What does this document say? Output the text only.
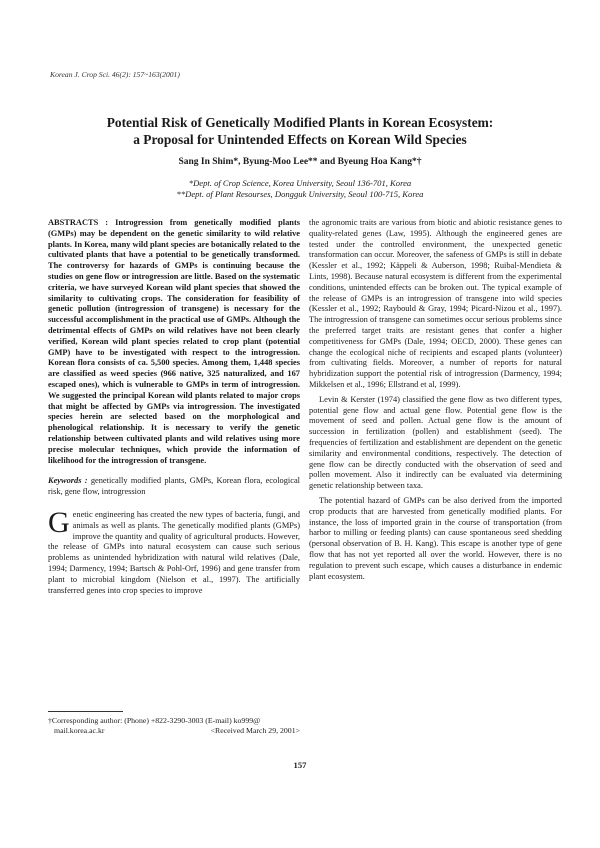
Korean J. Crop Sci. 46(2): 157~163(2001)
Potential Risk of Genetically Modified Plants in Korean Ecosystem:
a Proposal for Unintended Effects on Korean Wild Species
Sang In Shim*, Byung-Moo Lee** and Byeung Hoa Kang*†
*Dept. of Crop Science, Korea University, Seoul 136-701, Korea
**Dept. of Plant Resourses, Dongguk University, Seoul 100-715, Korea

ABSTRACTS : Introgression from genetically modified plants (GMPs) may be dependent on the genetic similarity to wild relative plants. In Korea, many wild plant species are botanically related to the cultivated plants that have a potential to be genetically transformed. The controversy for hazards of GMPs is continuing because the studies on gene flow or introgression are little. Based on the systematic criteria, we have surveyed Korean wild plant species that showed the similarity to cultivating crops. The consideration for feasibility of genetic pollution (introgression of transgene) is necessary for the successful accomplishment in the practical use of GMPs. Although the detrimental effects of GMPs on wild relatives have not been clearly verified, Korean wild plant species related to crop plant (potential GMP) have to be investigated with respect to the introgression. Korean flora consists of ca. 5,500 species. Among them, 1,448 species are classified as weed species (966 native, 325 naturalized, and 167 escaped ones), which is vulnerable to GMPs in term of introgression. We suggested the principal Korean wild plants related to major crops that might be affected by GMPs via introgression. The investigated species herein are selected based on the morphological and phenological relationship. It is necessary to verify the genetic relationship between cultivated plants and wild relatives using more precise molecular techniques, which provide the information of likelihood for the introgression of transgene.

Keywords : genetically modified plants, GMPs, Korean flora, ecological risk, gene flow, introgression

Genetic engineering has created the new types of bacteria, fungi, and animals as well as plants. The genetically modified plants (GMPs) improve the quantity and quality of agricultural products. However, the release of GMPs into natural ecosystem can cause such serious problems as unintended hybridization with natural wild relatives (Dale, 1994; Darmency, 1994; Bartsch & Pohl-Orf, 1996) and gene transfer from plant to microbial kingdom (Nielson et al., 1997). The artificially transferred genes into crop species to improve

the agronomic traits are various from biotic and abiotic resistance genes to quality-related genes (Law, 1995). Although the engineered genes are tested under the controlled environment, the unexpected genetic transformation can occur. Moreover, the safeness of GMPs is still in debate (Kessler et al., 1992; Käppeli & Auberson, 1998; Ruibal-Mendieta & Lints, 1998). Because natural ecosystem is different from the experimental conditions, unintended effects can be broken out. The typical example of the release of GMPs is an introgression of transgene into wild species (Kessler et al., 1992; Raybould & Gray, 1994; Picard-Nizou et al., 1997). The introgression of transgene can sometimes occur serious problems since the preferred target traits are resistant genes that confer a higher competitiveness for GMPs (Dale, 1994; OECD, 2000). These genes can change the ecological niche of recipients and escaped plants (volunteer) from cultivating fields. Moreover, a number of reports for natural hybridization support the potential risk of introgression (Darmency, 1994; Mikkelsen et al., 1996; Ellstrand et al, 1999).

Levin & Kerster (1974) classified the gene flow as two different types, potential gene flow and actual gene flow. Potential gene flow is the movement of seed and pollen. Actual gene flow is the amount of succession in fertilization (pollen) and establishment (seed). The frequencies of fertilization and establishment are dependent on the genetic similarity and environmental conditions, respectively. The detection of gene flow can be directly conducted with the observation of seed and pollen movement. Also it indirectly can be evaluated via determining genetic relationship between taxa.

The potential hazard of GMPs can be also derived from the imported crop products that are harvested from genetically modified plants. For instance, the loss of imported grain in the course of transportation (from harbor to milling or feeding plants) can cause spontaneous seed shedding (personal observation of B. H. Kang). This escape is another type of gene flow that has not yet reported all over the world. However, there is no regulation to prevent such escape, which causes a disturbance in endemic plant ecosystem.

†Corresponding author: (Phone) +822-3290-3003 (E-mail) ko999@
mail.korea.ac.kr	<Received March 29, 2001>
157
